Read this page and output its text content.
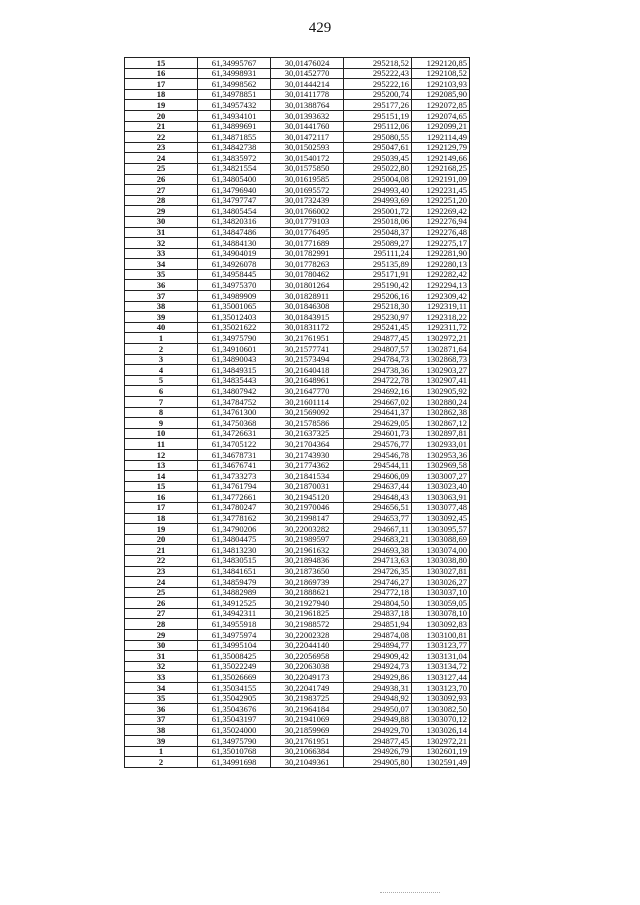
429
15	61,34995767	30,01476024	295218,52	1292120,85
16	61,34998931	30,01452770	295222,43	1292108,52
17	61,34998562	30,01444214	295222,16	1292103,93
18	61,34978851	30,01411778	295200,74	1292085,90
19	61,34957432	30,01388764	295177,26	1292072,85
20	61,34934101	30,01393632	295151,19	1292074,65
21	61,34899691	30,01441760	295112,06	1292099,21
22	61,34871855	30,01472117	295080,55	1292114,49
23	61,34842738	30,01502593	295047,61	1292129,79
24	61,34835972	30,01540172	295039,45	1292149,66
25	61,34821554	30,01575850	295022,80	1292168,25
26	61,34805400	30,01619585	295004,08	1292191,09
27	61,34796940	30,01695572	294993,40	1292231,45
28	61,34797747	30,01732439	294993,69	1292251,20
29	61,34805454	30,01766002	295001,72	1292269,42
30	61,34820316	30,01779103	295018,06	1292276,94
31	61,34847486	30,01776495	295048,37	1292276,48
32	61,34884130	30,01771689	295089,27	1292275,17
33	61,34904019	30,01782991	295111,24	1292281,90
34	61,34926078	30,01778263	295135,89	1292280,13
35	61,34958445	30,01780462	295171,91	1292282,42
36	61,34975370	30,01801264	295190,42	1292294,13
37	61,34989909	30,01828911	295206,16	1292309,42
38	61,35001065	30,01846308	295218,30	1292319,11
39	61,35012403	30,01843915	295230,97	1292318,22
40	61,35021622	30,01831172	295241,45	1292311,72
1	61,34975790	30,21761951	294877,45	1302972,21
2	61,34910601	30,21577741	294807,57	1302871,64
3	61,34890043	30,21573494	294784,73	1302868,73
4	61,34849315	30,21640418	294738,36	1302903,27
5	61,34835443	30,21648961	294722,78	1302907,41
6	61,34807942	30,21647770	294692,16	1302905,92
7	61,34784752	30,21601114	294667,02	1302880,24
8	61,34761300	30,21569092	294641,37	1302862,38
9	61,34750368	30,21578586	294629,05	1302867,12
10	61,34726631	30,21637325	294601,73	1302897,81
11	61,34705122	30,21704364	294576,77	1302933,01
12	61,34678731	30,21743930	294546,78	1302953,36
13	61,34676741	30,21774362	294544,11	1302969,58
14	61,34733273	30,21841534	294606,09	1303007,27
15	61,34761794	30,21870031	294637,44	1303023,40
16	61,34772661	30,21945120	294648,43	1303063,91
17	61,34780247	30,21970046	294656,51	1303077,48
18	61,34778162	30,21998147	294653,77	1303092,45
19	61,34790206	30,22003282	294667,11	1303095,57
20	61,34804475	30,21989597	294683,21	1303088,69
21	61,34813230	30,21961632	294693,38	1303074,00
22	61,34830515	30,21894836	294713,63	1303038,80
23	61,34841651	30,21873650	294726,35	1303027,81
24	61,34859479	30,21869739	294746,27	1303026,27
25	61,34882989	30,21888621	294772,18	1303037,10
26	61,34912525	30,21927940	294804,50	1303059,05
27	61,34942311	30,21961825	294837,18	1303078,10
28	61,34955918	30,21988572	294851,94	1303092,83
29	61,34975974	30,22002328	294874,08	1303100,81
30	61,34995104	30,22044140	294894,77	1303123,77
31	61,35008425	30,22056958	294909,42	1303131,04
32	61,35022249	30,22063038	294924,73	1303134,72
33	61,35026669	30,22049173	294929,86	1303127,44
34	61,35034155	30,22041749	294938,31	1303123,70
35	61,35042905	30,21983725	294948,92	1303092,93
36	61,35043676	30,21964184	294950,07	1303082,50
37	61,35043197	30,21941069	294949,88	1303070,12
38	61,35024000	30,21859969	294929,70	1303026,14
39	61,34975790	30,21761951	294877,45	1302972,21
1	61,35010768	30,21066384	294926,79	1302601,19
2	61,34991698	30,21049361	294905,80	1302591,49
